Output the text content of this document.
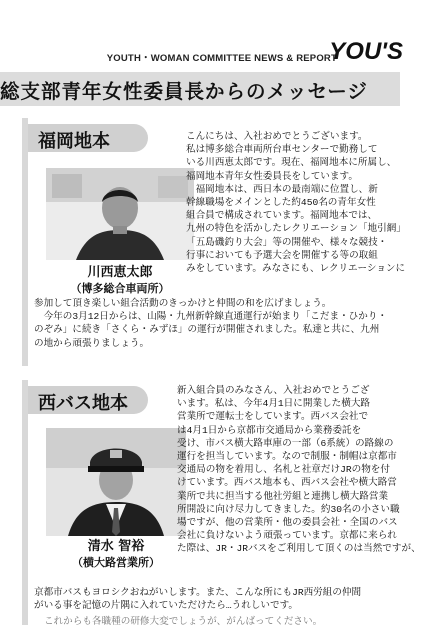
YOUTH・WOMAN COMMITTEE NEWS & REPORT
YOU'S
総支部青年女性委員長からのメッセージ
福岡地本
川西恵太郎
（博多総合車両所）
こんにちは、入社おめでとうございます。
私は博多総合車両所台車センターで勤務して
いる川西恵太郎です。現在、福岡地本に所属し、
福岡地本青年女性委員長をしています。
　福岡地本は、西日本の最南端に位置し、新
幹線職場をメインとした約450名の青年女性
組合員で構成されています。福岡地本では、
九州の特色を活かしたレクリエーション「地引網」
「五島磯釣り大会」等の開催や、様々な競技・
行事においても予選大会を開催する等の取組
みをしています。みなさにも、レクリエーションに
参加して頂き楽しい組合活動のきっかけと仲間の和を広げましょう。
　今年の3月12日からは、山陽・九州新幹線直通運行が始まり「こだま・ひかり・
のぞみ」に続き「さくら・みずほ」の運行が開催されました。私達と共に、九州
の地から頑張りましょう。
西バス地本
清水 智裕
（横大路営業所）
新入組合員のみなさん、入社おめでとうござ
います。私は、今年4月1日に開業した横大路
営業所で運転士をしています。西バス会社で
は4月1日から京都市交通局から業務委託を
受け、市バス横大路車庫の一部（6系統）の路線の
運行を担当しています。なので制服・制帽は京都市
交通局の物を着用し、名札と社章だけJRの物を付
けています。西バス地本も、西バス会社や横大路営
業所で共に担当する他社労組と連携し横大路営業
所開設に向け尽力してきました。約30名の小さい職
場ですが、他の営業所・他の委員会社・全国のバス
会社に負けないよう頑張っています。京都に来られ
た際は、JR・JRバスをご利用して頂くのは当然ですが、
京都市バスもヨロシクおねがいします。また、こんな所にもJR西労組の仲間
がいる事を記憶の片隅に入れていただけたら…うれしいです。
これからも各職種の研修大変でしょうが、がんばってください。
